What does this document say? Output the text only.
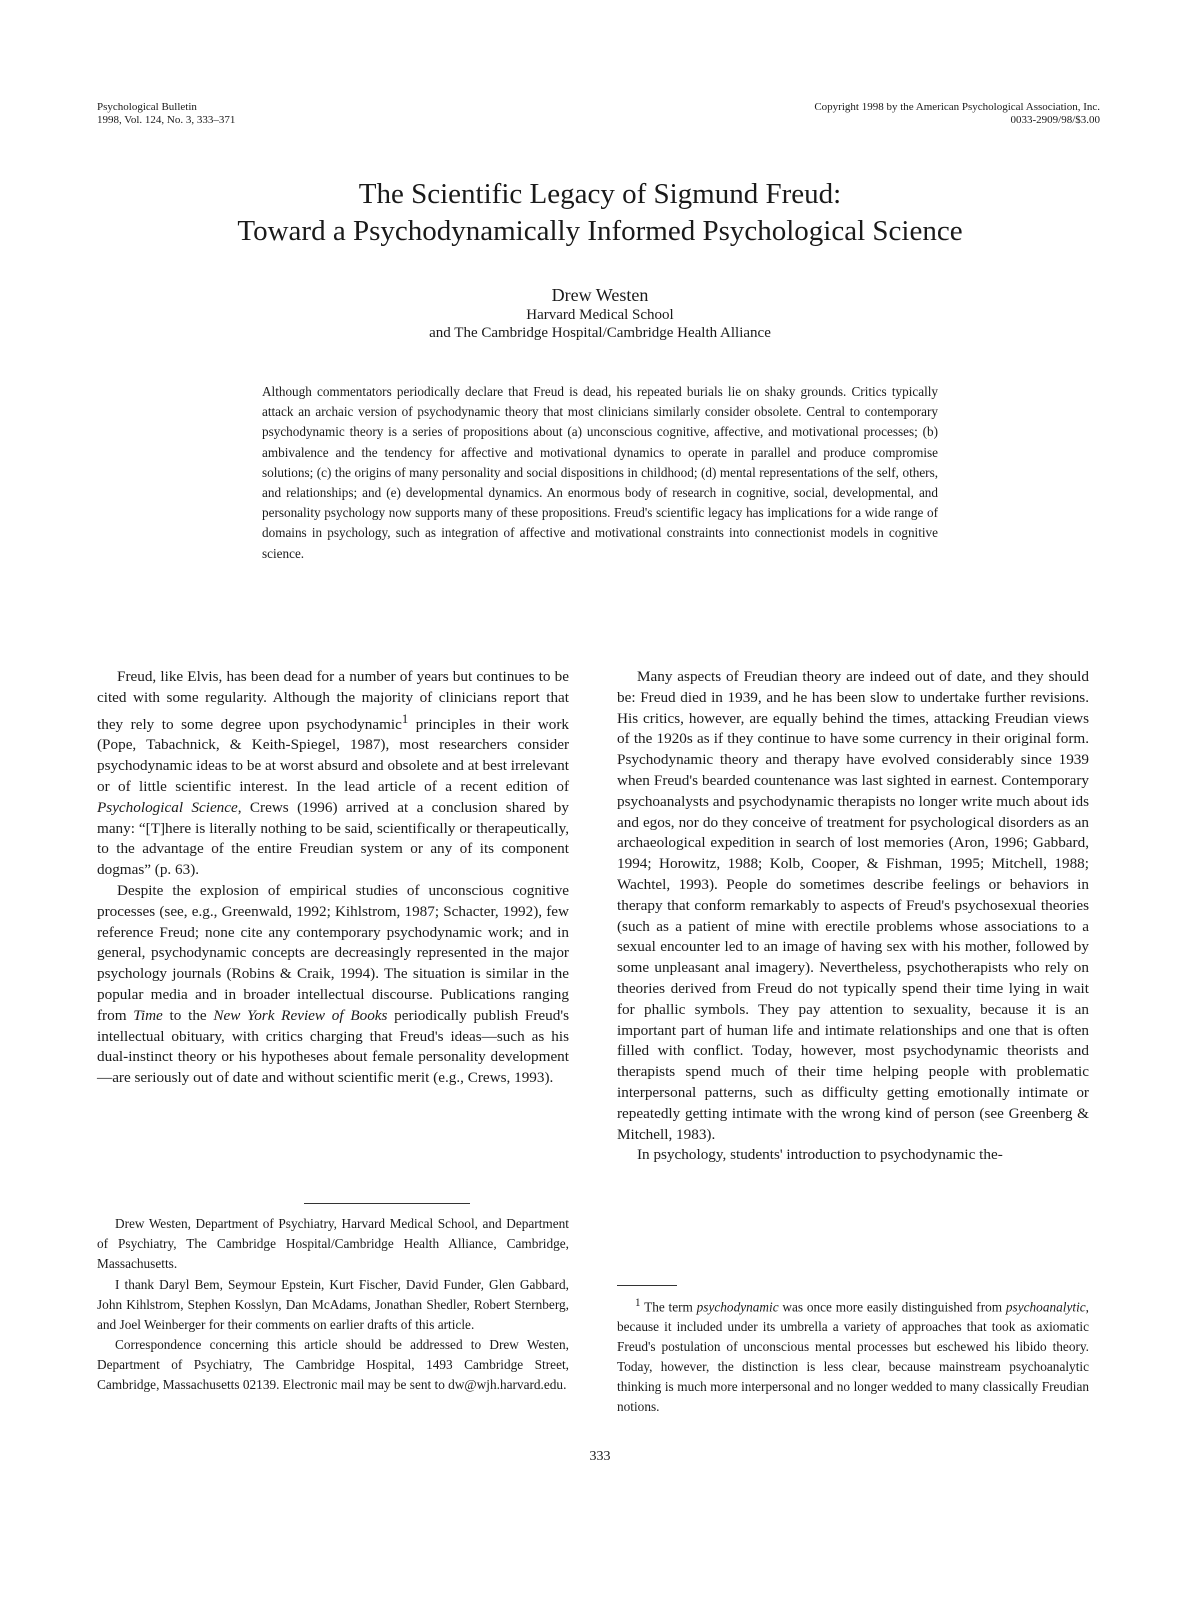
Psychological Bulletin
1998, Vol. 124, No. 3, 333–371
Copyright 1998 by the American Psychological Association, Inc.
0033-2909/98/$3.00
The Scientific Legacy of Sigmund Freud:
Toward a Psychodynamically Informed Psychological Science
Drew Westen
Harvard Medical School
and The Cambridge Hospital/Cambridge Health Alliance
Although commentators periodically declare that Freud is dead, his repeated burials lie on shaky grounds. Critics typically attack an archaic version of psychodynamic theory that most clinicians similarly consider obsolete. Central to contemporary psychodynamic theory is a series of propositions about (a) unconscious cognitive, affective, and motivational processes; (b) ambivalence and the tendency for affective and motivational dynamics to operate in parallel and produce compromise solutions; (c) the origins of many personality and social dispositions in childhood; (d) mental representations of the self, others, and relationships; and (e) developmental dynamics. An enormous body of research in cognitive, social, developmental, and personality psychology now supports many of these propositions. Freud's scientific legacy has implications for a wide range of domains in psychology, such as integration of affective and motivational constraints into connectionist models in cognitive science.

Freud, like Elvis, has been dead for a number of years but continues to be cited with some regularity. Although the majority of clinicians report that they rely to some degree upon psychodynamic$^1$ principles in their work (Pope, Tabachnick, & Keith-Spiegel, 1987), most researchers consider psychodynamic ideas to be at worst absurd and obsolete and at best irrelevant or of little scientific interest. In the lead article of a recent edition of Psychological Science, Crews (1996) arrived at a conclusion shared by many: “[T]here is literally nothing to be said, scientifically or therapeutically, to the advantage of the entire Freudian system or any of its component dogmas” (p. 63).

Despite the explosion of empirical studies of unconscious cognitive processes (see, e.g., Greenwald, 1992; Kihlstrom, 1987; Schacter, 1992), few reference Freud; none cite any contemporary psychodynamic work; and in general, psychodynamic concepts are decreasingly represented in the major psychology journals (Robins & Craik, 1994). The situation is similar in the popular media and in broader intellectual discourse. Publications ranging from Time to the New York Review of Books periodically publish Freud's intellectual obituary, with critics charging that Freud's ideas—such as his dual-instinct theory or his hypotheses about female personality development—are seriously out of date and without scientific merit (e.g., Crews, 1993).

Drew Westen, Department of Psychiatry, Harvard Medical School, and Department of Psychiatry, The Cambridge Hospital/Cambridge Health Alliance, Cambridge, Massachusetts.

I thank Daryl Bem, Seymour Epstein, Kurt Fischer, David Funder, Glen Gabbard, John Kihlstrom, Stephen Kosslyn, Dan McAdams, Jonathan Shedler, Robert Sternberg, and Joel Weinberger for their comments on earlier drafts of this article.

Correspondence concerning this article should be addressed to Drew Westen, Department of Psychiatry, The Cambridge Hospital, 1493 Cambridge Street, Cambridge, Massachusetts 02139. Electronic mail may be sent to dw@wjh.harvard.edu.

Many aspects of Freudian theory are indeed out of date, and they should be: Freud died in 1939, and he has been slow to undertake further revisions. His critics, however, are equally behind the times, attacking Freudian views of the 1920s as if they continue to have some currency in their original form. Psychodynamic theory and therapy have evolved considerably since 1939 when Freud's bearded countenance was last sighted in earnest. Contemporary psychoanalysts and psychodynamic therapists no longer write much about ids and egos, nor do they conceive of treatment for psychological disorders as an archaeological expedition in search of lost memories (Aron, 1996; Gabbard, 1994; Horowitz, 1988; Kolb, Cooper, & Fishman, 1995; Mitchell, 1988; Wachtel, 1993). People do sometimes describe feelings or behaviors in therapy that conform remarkably to aspects of Freud's psychosexual theories (such as a patient of mine with erectile problems whose associations to a sexual encounter led to an image of having sex with his mother, followed by some unpleasant anal imagery). Nevertheless, psychotherapists who rely on theories derived from Freud do not typically spend their time lying in wait for phallic symbols. They pay attention to sexuality, because it is an important part of human life and intimate relationships and one that is often filled with conflict. Today, however, most psychodynamic theorists and therapists spend much of their time helping people with problematic interpersonal patterns, such as difficulty getting emotionally intimate or repeatedly getting intimate with the wrong kind of person (see Greenberg & Mitchell, 1983).

In psychology, students' introduction to psychodynamic the-

$^1$ The term psychodynamic was once more easily distinguished from psychoanalytic, because it included under its umbrella a variety of approaches that took as axiomatic Freud's postulation of unconscious mental processes but eschewed his libido theory. Today, however, the distinction is less clear, because mainstream psychoanalytic thinking is much more interpersonal and no longer wedded to many classically Freudian notions.

333
